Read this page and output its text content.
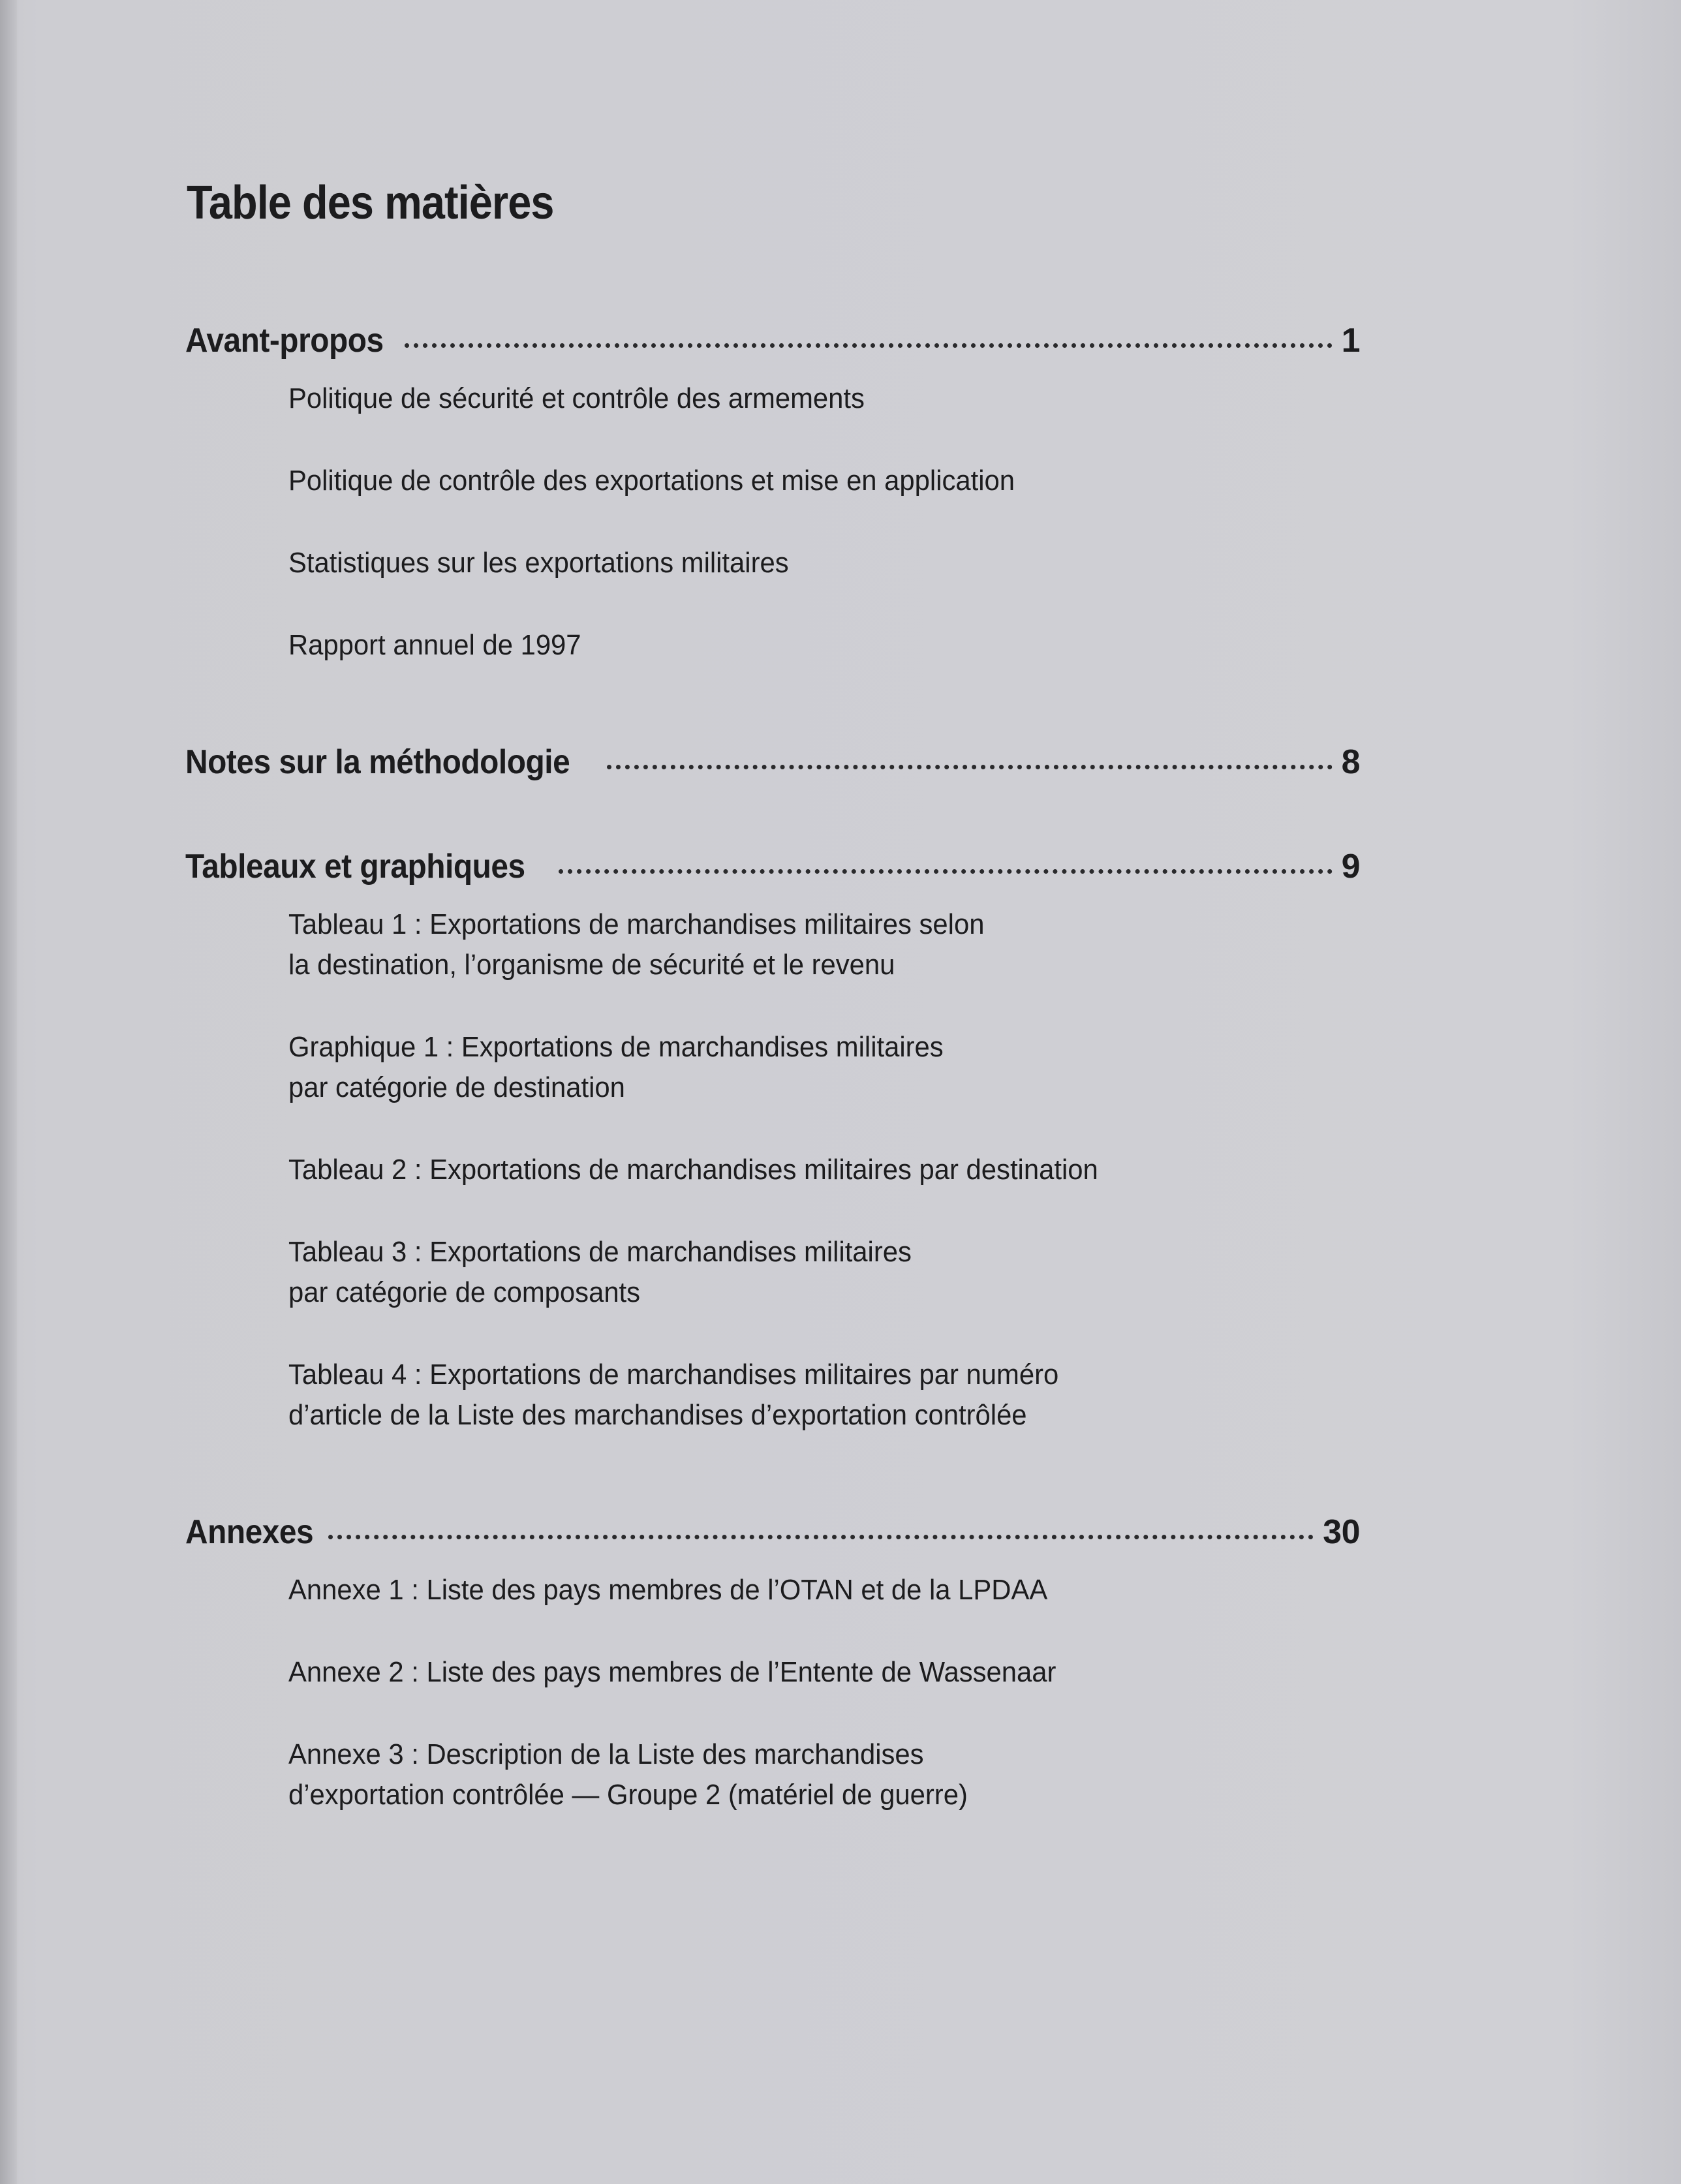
Table des matières
Avant-propos	1
Politique de sécurité et contrôle des armements
Politique de contrôle des exportations et mise en application
Statistiques sur les exportations militaires
Rapport annuel de 1997
Notes sur la méthodologie	8
Tableaux et graphiques	9
Tableau 1 : Exportations de marchandises militaires selon
la destination, l’organisme de sécurité et le revenu
Graphique 1 : Exportations de marchandises militaires
par catégorie de destination
Tableau 2 : Exportations de marchandises militaires par destination
Tableau 3 : Exportations de marchandises militaires
par catégorie de composants
Tableau 4 : Exportations de marchandises militaires par numéro
d’article de la Liste des marchandises d’exportation contrôlée
Annexes	30
Annexe 1 : Liste des pays membres de l’OTAN et de la LPDAA
Annexe 2 : Liste des pays membres de l’Entente de Wassenaar
Annexe 3 : Description de la Liste des marchandises
d’exportation contrôlée — Groupe 2 (matériel de guerre)
